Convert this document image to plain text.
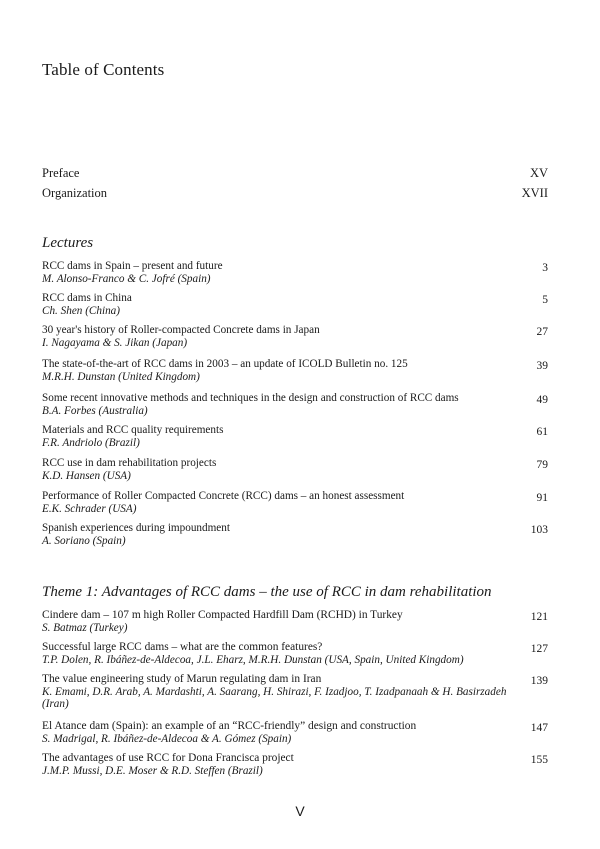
Table of Contents
Preface	XV
Organization	XVII
Lectures
RCC dams in Spain – present and future
M. Alonso-Franco & C. Jofré (Spain)
3
RCC dams in China
Ch. Shen (China)
5
30 year's history of Roller-compacted Concrete dams in Japan
I. Nagayama & S. Jikan (Japan)
27
The state-of-the-art of RCC dams in 2003 – an update of ICOLD Bulletin no. 125
M.R.H. Dunstan (United Kingdom)
39
Some recent innovative methods and techniques in the design and construction of RCC dams
B.A. Forbes (Australia)
49
Materials and RCC quality requirements
F.R. Andriolo (Brazil)
61
RCC use in dam rehabilitation projects
K.D. Hansen (USA)
79
Performance of Roller Compacted Concrete (RCC) dams – an honest assessment
E.K. Schrader (USA)
91
Spanish experiences during impoundment
A. Soriano (Spain)
103
Theme 1: Advantages of RCC dams – the use of RCC in dam rehabilitation
Cindere dam – 107 m high Roller Compacted Hardfill Dam (RCHD) in Turkey
S. Batmaz (Turkey)
121
Successful large RCC dams – what are the common features?
T.P. Dolen, R. Ibáñez-de-Aldecoa, J.L. Eharz, M.R.H. Dunstan (USA, Spain, United Kingdom)
127
The value engineering study of Marun regulating dam in Iran
K. Emami, D.R. Arab, A. Mardashti, A. Saarang, H. Shirazi, F. Izadjoo, T. Izadpanaah & H. Basirzadeh (Iran)
139
El Atance dam (Spain): an example of an “RCC-friendly” design and construction
S. Madrigal, R. Ibáñez-de-Aldecoa & A. Gómez (Spain)
147
The advantages of use RCC for Dona Francisca project
J.M.P. Mussi, D.E. Moser & R.D. Steffen (Brazil)
155
V
